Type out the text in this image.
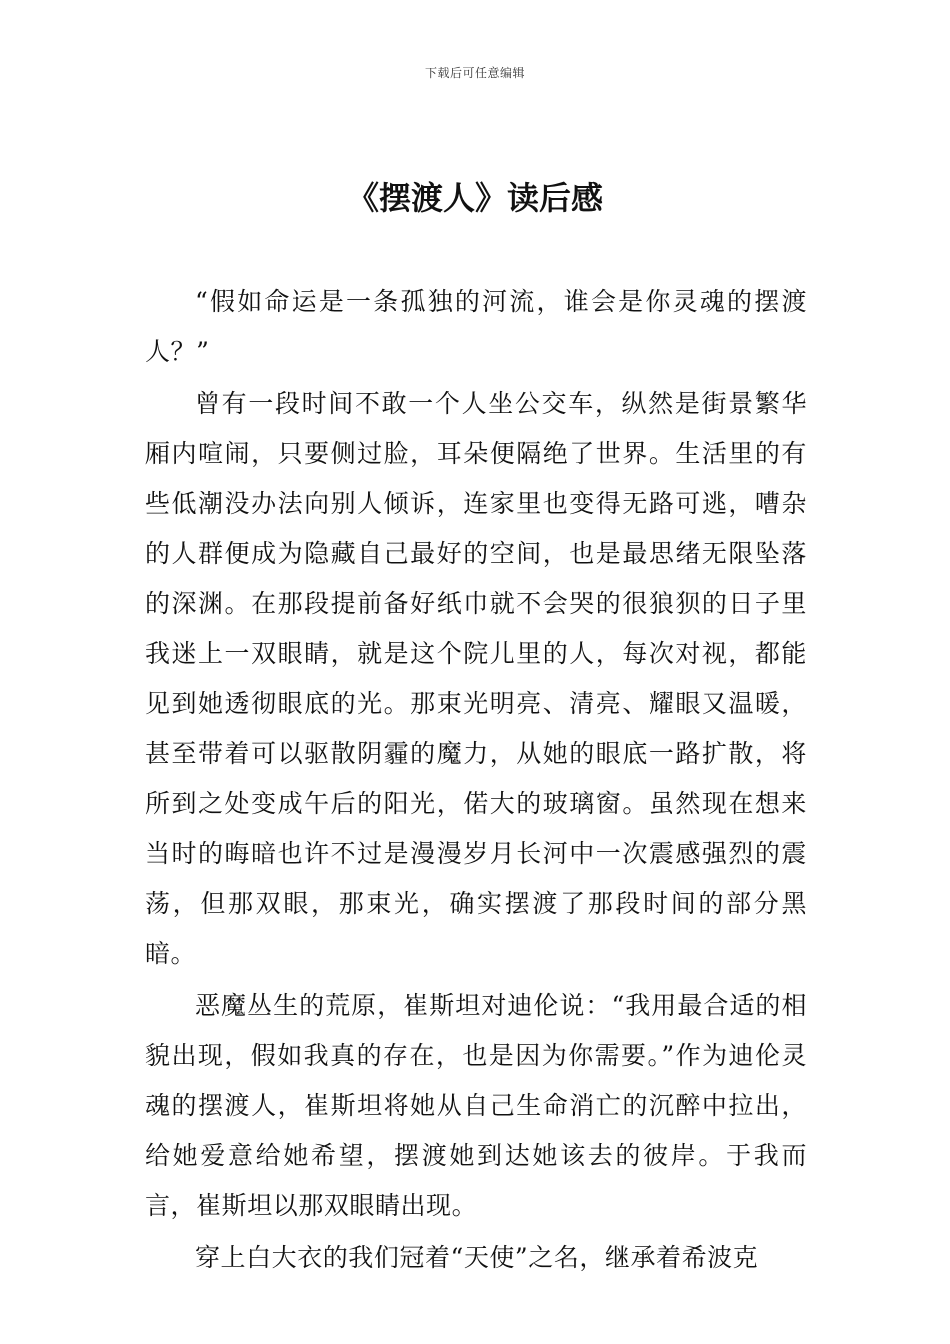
下载后可任意编辑
《摆渡人》读后感

“假如命运是一条孤独的河流，谁会是你灵魂的摆渡人？”

曾有一段时间不敢一个人坐公交车，纵然是街景繁华厢内喧闹，只要侧过脸，耳朵便隔绝了世界。生活里的有些低潮没办法向别人倾诉，连家里也变得无路可逃，嘈杂的人群便成为隐藏自己最好的空间，也是最思绪无限坠落的深渊。在那段提前备好纸巾就不会哭的很狼狈的日子里我迷上一双眼睛，就是这个院儿里的人，每次对视，都能见到她透彻眼底的光。那束光明亮、清亮、耀眼又温暖，甚至带着可以驱散阴霾的魔力，从她的眼底一路扩散，将所到之处变成午后的阳光，偌大的玻璃窗。虽然现在想来当时的晦暗也许不过是漫漫岁月长河中一次震感强烈的震荡，但那双眼，那束光，确实摆渡了那段时间的部分黑暗。

恶魔丛生的荒原，崔斯坦对迪伦说：“我用最合适的相貌出现，假如我真的存在，也是因为你需要。”作为迪伦灵魂的摆渡人，崔斯坦将她从自己生命消亡的沉醉中拉出，给她爱意给她希望，摆渡她到达她该去的彼岸。于我而言，崔斯坦以那双眼睛出现。

穿上白大衣的我们冠着“天使”之名，继承着希波克
